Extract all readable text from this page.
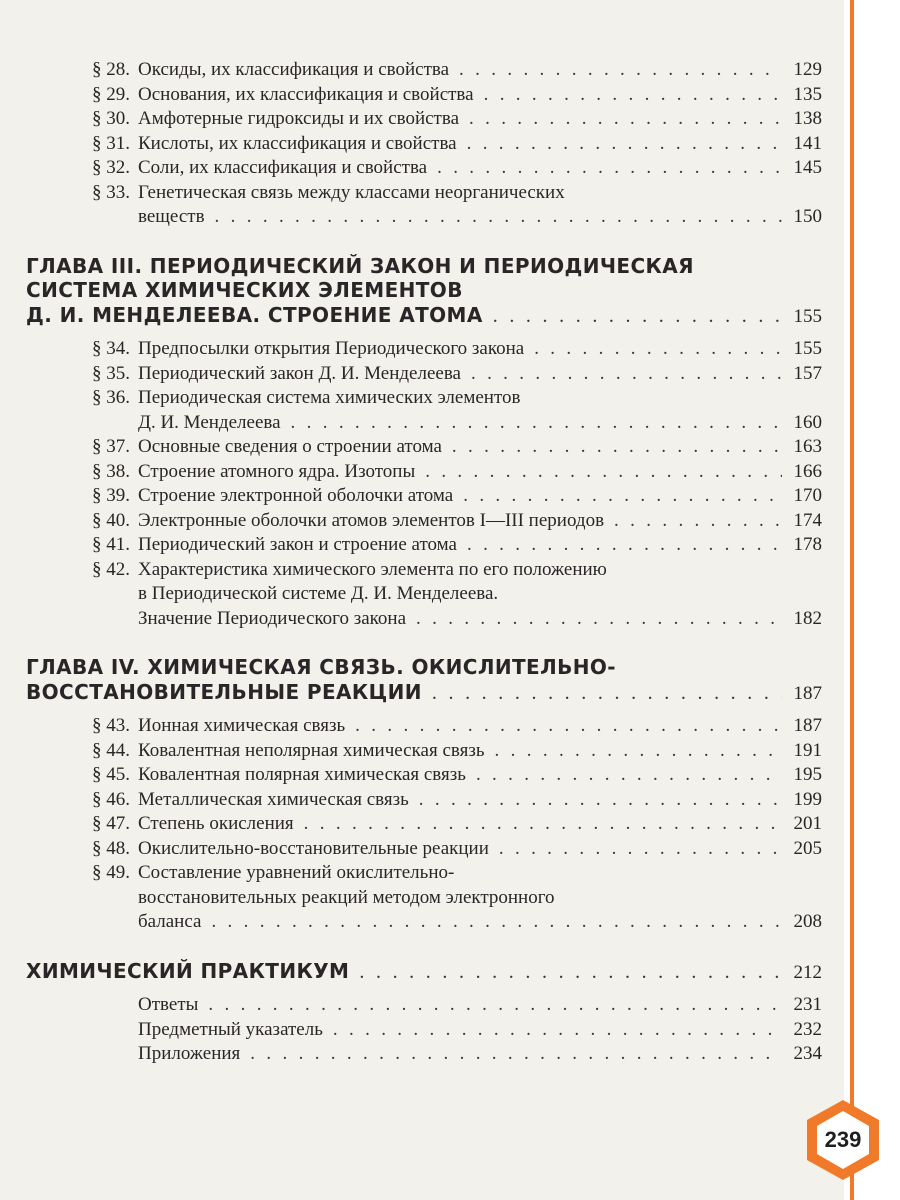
§ 28. Оксиды, их классификация и свойства . . .	129
§ 29. Основания, их классификация и свойства . . .	135
§ 30. Амфотерные гидроксиды и их свойства . . .	138
§ 31. Кислоты, их классификация и свойства . . .	141
§ 32. Соли, их классификация и свойства . . .	145
§ 33. Генетическая связь между классами неорганических
веществ . . .	150
ГЛАВА III. ПЕРИОДИЧЕСКИЙ ЗАКОН И ПЕРИОДИЧЕСКАЯ
СИСТЕМА ХИМИЧЕСКИХ ЭЛЕМЕНТОВ
Д. И. МЕНДЕЛЕЕВА. СТРОЕНИЕ АТОМА . . .	155
§ 34. Предпосылки открытия Периодического закона . . .	155
§ 35. Периодический закон Д. И. Менделеева . . .	157
§ 36. Периодическая система химических элементов
Д. И. Менделеева . . .	160
§ 37. Основные сведения о строении атома . . .	163
§ 38. Строение атомного ядра. Изотопы . . .	166
§ 39. Строение электронной оболочки атома . . .	170
§ 40. Электронные оболочки атомов элементов I—III периодов . . .	174
§ 41. Периодический закон и строение атома . . .	178
§ 42. Характеристика химического элемента по его положению
в Периодической системе Д. И. Менделеева.
Значение Периодического закона . . .	182
ГЛАВА IV. ХИМИЧЕСКАЯ СВЯЗЬ. ОКИСЛИТЕЛЬНО-
ВОССТАНОВИТЕЛЬНЫЕ РЕАКЦИИ . . .	187
§ 43. Ионная химическая связь . . .	187
§ 44. Ковалентная неполярная химическая связь . . .	191
§ 45. Ковалентная полярная химическая связь . . .	195
§ 46. Металлическая химическая связь . . .	199
§ 47. Степень окисления . . .	201
§ 48. Окислительно-восстановительные реакции . . .	205
§ 49. Составление уравнений окислительно-
восстановительных реакций методом электронного
баланса . . .	208
ХИМИЧЕСКИЙ ПРАКТИКУМ . . .	212
Ответы . . .	231
Предметный указатель . . .	232
Приложения . . .	234
239
